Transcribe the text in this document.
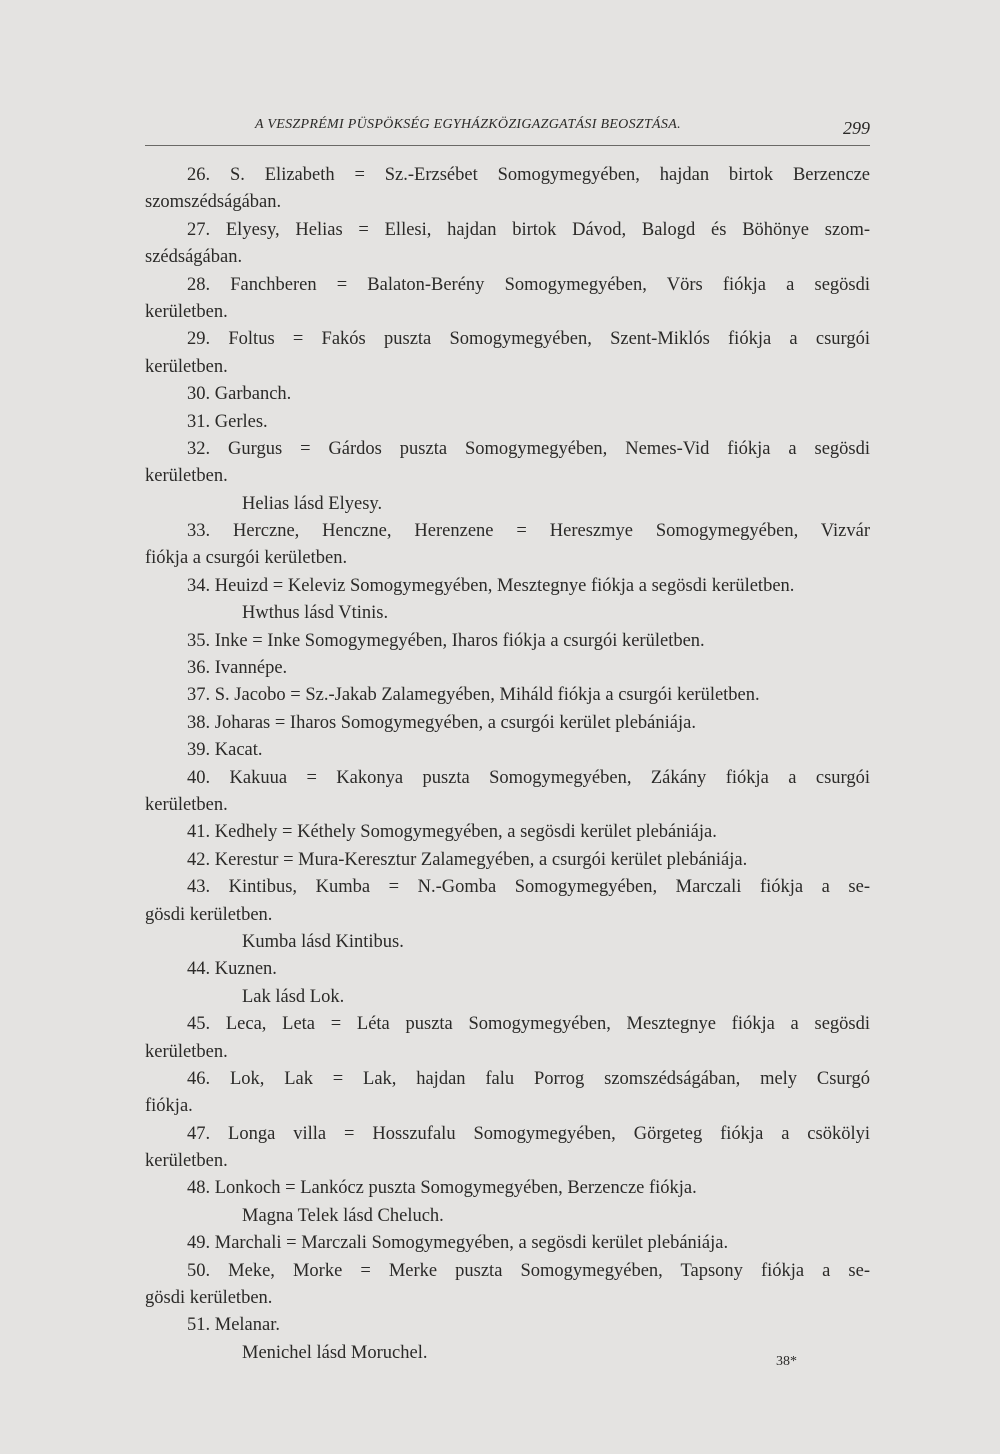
A VESZPRÉMI PÜSPÖKSÉG EGYHÁZKÖZIGAZGATÁSI BEOSZTÁSA.	299
26. S. Elizabeth = Sz.-Erzsébet Somogymegyében, hajdan birtok Berzencze
szomszédságában.
27. Elyesy, Helias = Ellesi, hajdan birtok Dávod, Balogd és Böhönye szom-
szédságában.
28. Fanchberen = Balaton-Berény Somogymegyében, Vörs fiókja a segösdi
kerületben.
29. Foltus = Fakós puszta Somogymegyében, Szent-Miklós fiókja a csurgói
kerületben.
30. Garbanch.
31. Gerles.
32. Gurgus = Gárdos puszta Somogymegyében, Nemes-Vid fiókja a segösdi
kerületben.
Helias lásd Elyesy.
33. Herczne, Henczne, Herenzene = Hereszmye Somogymegyében, Vizvár
fiókja a csurgói kerületben.
34. Heuizd = Keleviz Somogymegyében, Mesztegnye fiókja a segösdi kerületben.
Hwthus lásd Vtinis.
35. Inke = Inke Somogymegyében, Iharos fiókja a csurgói kerületben.
36. Ivannépe.
37. S. Jacobo = Sz.-Jakab Zalamegyében, Miháld fiókja a csurgói kerületben.
38. Joharas = Iharos Somogymegyében, a csurgói kerület plebániája.
39. Kacat.
40. Kakuua = Kakonya puszta Somogymegyében, Zákány fiókja a csurgói
kerületben.
41. Kedhely = Kéthely Somogymegyében, a segösdi kerület plebániája.
42. Kerestur = Mura-Keresztur Zalamegyében, a csurgói kerület plebániája.
43. Kintibus, Kumba = N.-Gomba Somogymegyében, Marczali fiókja a se-
gösdi kerületben.
Kumba lásd Kintibus.
44. Kuznen.
Lak lásd Lok.
45. Leca, Leta = Léta puszta Somogymegyében, Mesztegnye fiókja a segösdi
kerületben.
46. Lok, Lak = Lak, hajdan falu Porrog szomszédságában, mely Csurgó
fiókja.
47. Longa villa = Hosszufalu Somogymegyében, Görgeteg fiókja a csökölyi
kerületben.
48. Lonkoch = Lankócz puszta Somogymegyében, Berzencze fiókja.
Magna Telek lásd Cheluch.
49. Marchali = Marczali Somogymegyében, a segösdi kerület plebániája.
50. Meke, Morke = Merke puszta Somogymegyében, Tapsony fiókja a se-
gösdi kerületben.
51. Melanar.
Menichel lásd Moruchel.	38*
